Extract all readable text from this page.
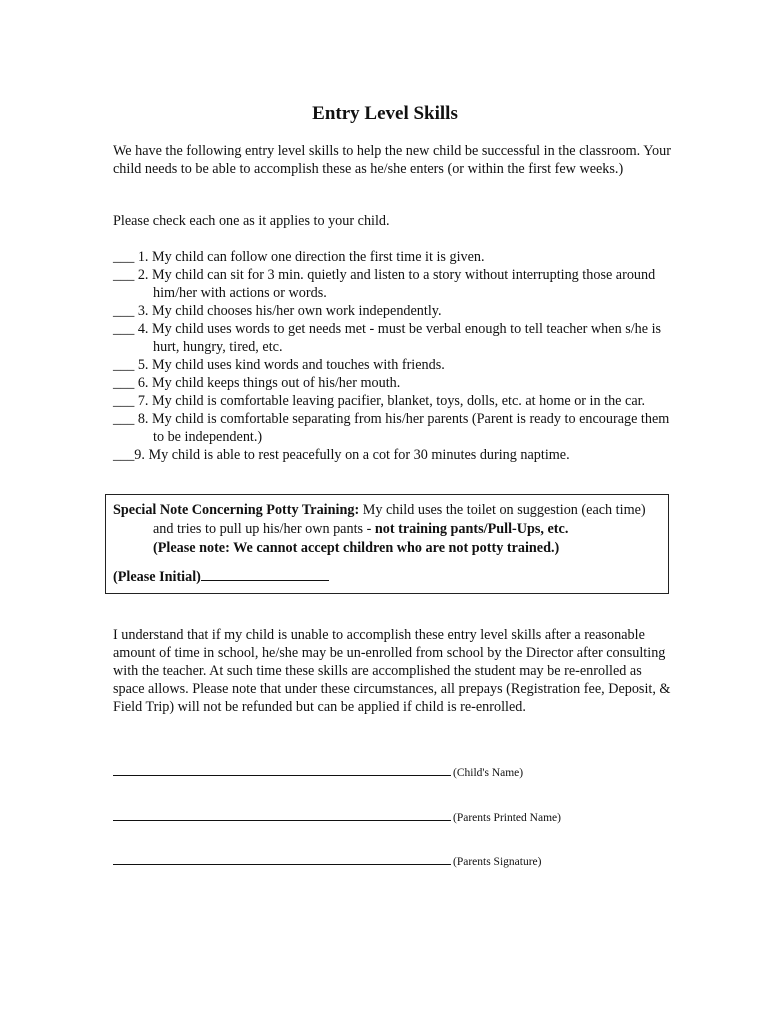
Entry Level Skills
We have the following entry level skills to help the new child be successful in the classroom. Your child needs to be able to accomplish these as he/she enters (or within the first few weeks.)
Please check each one as it applies to your child.
___ 1. My child can follow one direction the first time it is given.
___ 2. My child can sit for 3 min. quietly and listen to a story without interrupting those around him/her with actions or words.
___ 3. My child chooses his/her own work independently.
___ 4. My child uses words to get needs met - must be verbal enough to tell teacher when s/he is hurt, hungry, tired, etc.
___ 5. My child uses kind words and touches with friends.
___ 6. My child keeps things out of his/her mouth.
___ 7. My child is comfortable leaving pacifier, blanket, toys, dolls, etc. at home or in the car.
___ 8. My child is comfortable separating from his/her parents (Parent is ready to encourage them to be independent.)
___9. My child is able to rest peacefully on a cot for 30 minutes during naptime.

Special Note Concerning Potty Training: My child uses the toilet on suggestion (each time) and tries to pull up his/her own pants - not training pants/Pull-Ups, etc.
(Please note: We cannot accept children who are not potty trained.)

(Please Initial)
I understand that if my child is unable to accomplish these entry level skills after a reasonable amount of time in school, he/she may be un-enrolled from school by the Director after consulting with the teacher. At such time these skills are accomplished the student may be re-enrolled as space allows. Please note that under these circumstances, all prepays (Registration fee, Deposit, & Field Trip) will not be refunded but can be applied if child is re-enrolled.
(Child's Name)
(Parents Printed Name)
(Parents Signature)
